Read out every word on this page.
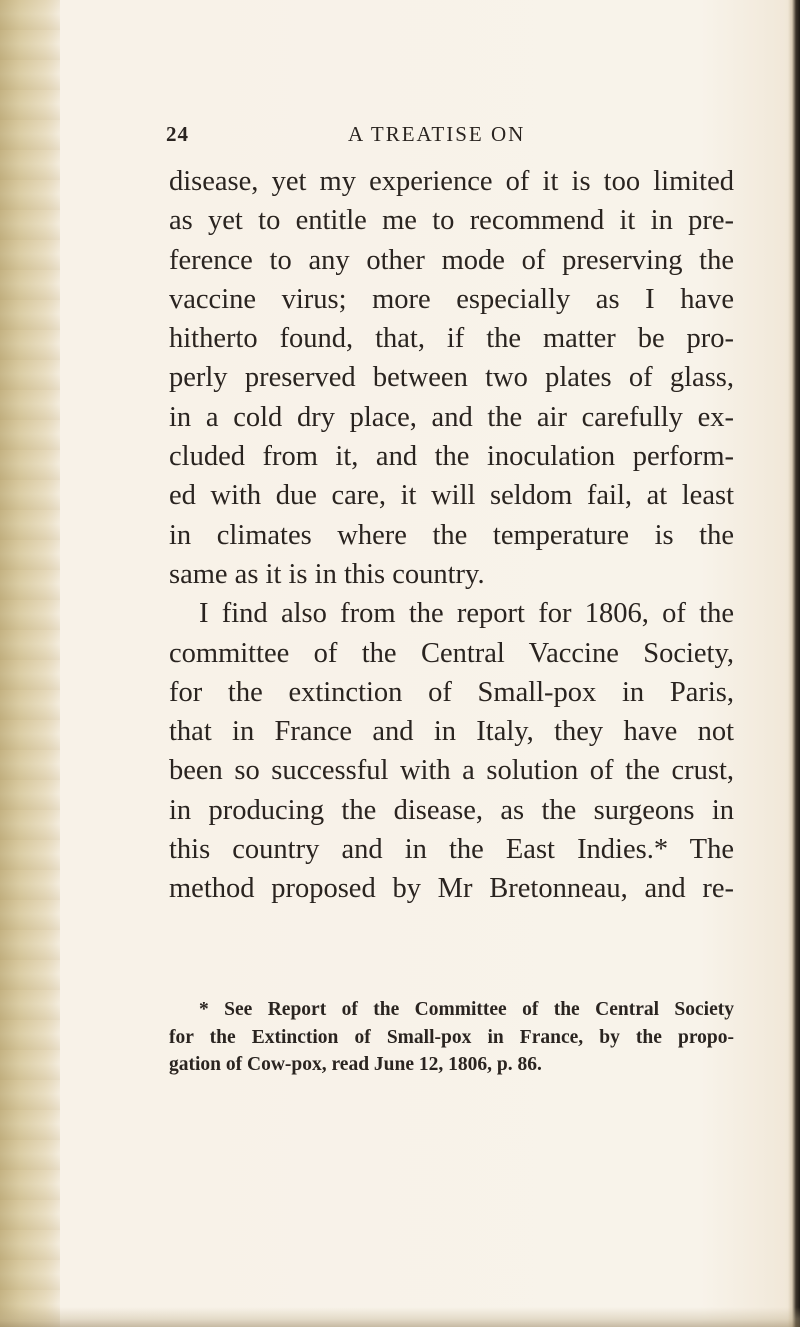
24	A TREATISE ON

disease, yet my experience of it is too limited
as yet to entitle me to recommend it in pre-
ference to any other mode of preserving the
vaccine virus; more especially as I have
hitherto found, that, if the matter be pro-
perly preserved between two plates of glass,
in a cold dry place, and the air carefully ex-
cluded from it, and the inoculation perform-
ed with due care, it will seldom fail, at least
in climates where the temperature is the
same as it is in this country.

I find also from the report for 1806, of the
committee of the Central Vaccine Society,
for the extinction of Small-pox in Paris,
that in France and in Italy, they have not
been so successful with a solution of the crust,
in producing the disease, as the surgeons in
this country and in the East Indies.* The
method proposed by Mr Bretonneau, and re-

* See Report of the Committee of the Central Society
for the Extinction of Small-pox in France, by the propo-
gation of Cow-pox, read June 12, 1806, p. 86.
